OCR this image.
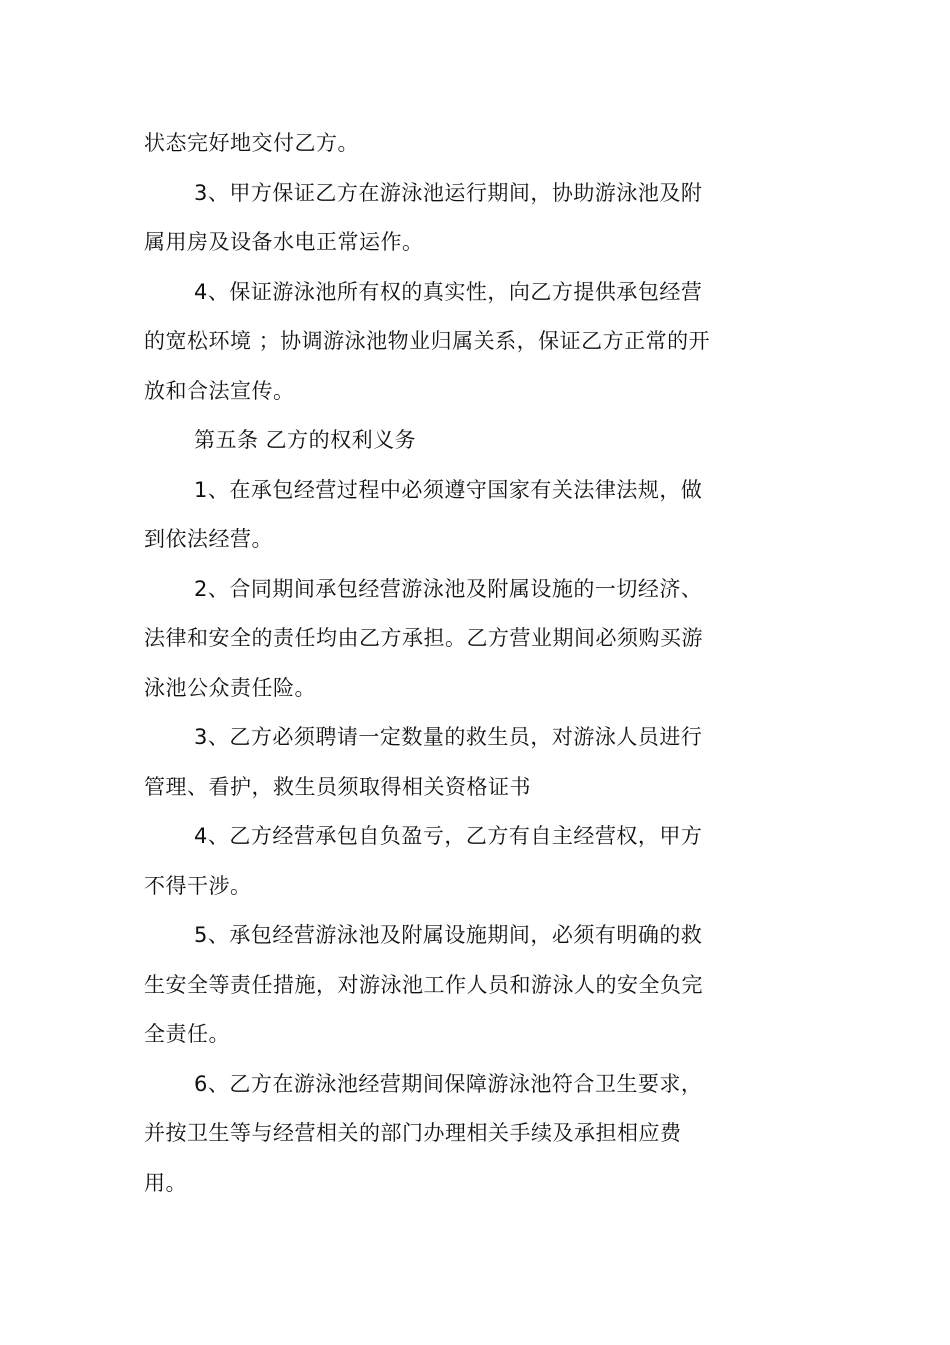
状态完好地交付乙方。
3、甲方保证乙方在游泳池运行期间，协助游泳池及附
属用房及设备水电正常运作。
4、保证游泳池所有权的真实性，向乙方提供承包经营
的宽松环境 ；协调游泳池物业归属关系，保证乙方正常的开
放和合法宣传。
第五条 乙方的权利义务
1、在承包经营过程中必须遵守国家有关法律法规，做
到依法经营。
2、合同期间承包经营游泳池及附属设施的一切经济、
法律和安全的责任均由乙方承担。乙方营业期间必须购买游
泳池公众责任险。
3、乙方必须聘请一定数量的救生员，对游泳人员进行
管理、看护，救生员须取得相关资格证书
4、乙方经营承包自负盈亏，乙方有自主经营权，甲方
不得干涉。
5、承包经营游泳池及附属设施期间，必须有明确的救
生安全等责任措施，对游泳池工作人员和游泳人的安全负完
全责任。
6、乙方在游泳池经营期间保障游泳池符合卫生要求，
并按卫生等与经营相关的部门办理相关手续及承担相应费
用。
